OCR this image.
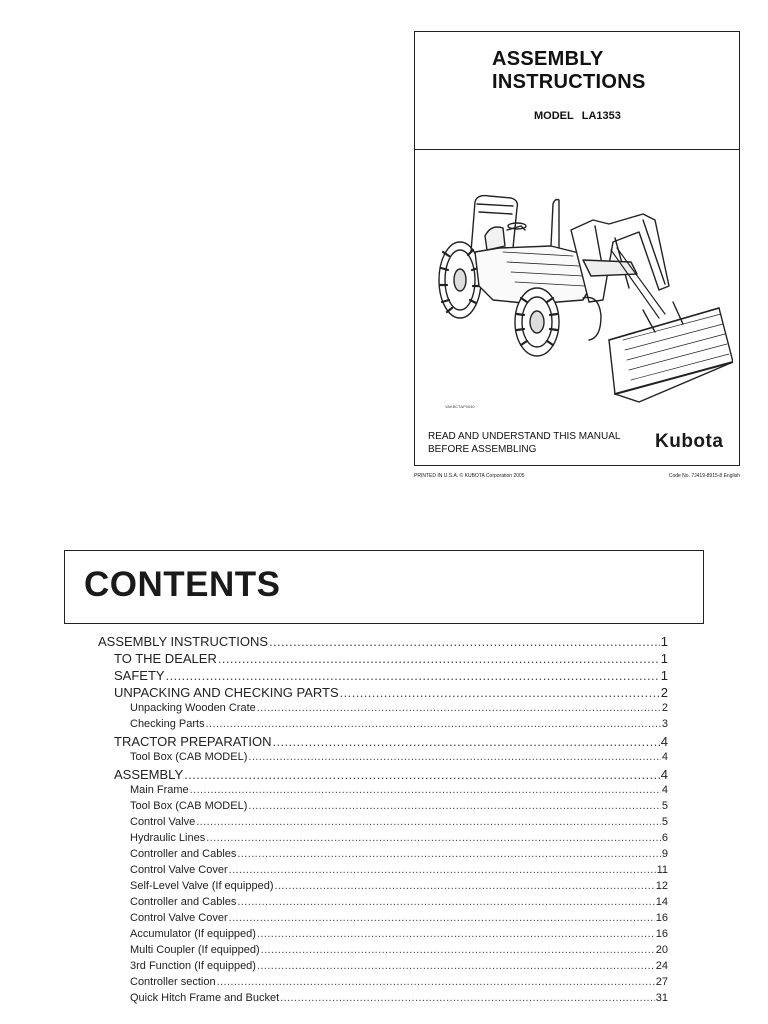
ASSEMBLY
INSTRUCTIONS
MODEL LA1353
VAKBCTAP0040
READ AND UNDERSTAND THIS MANUAL
BEFORE ASSEMBLING	Kubota
PRINTED IN U.S.A. © KUBOTA Corporation 2005	Code No. 7J419-8915-8 English
CONTENTS
ASSEMBLY INSTRUCTIONS .....	1
TO THE DEALER .....	1
SAFETY .....	1
UNPACKING AND CHECKING PARTS .....	2
Unpacking Wooden Crate .....	2
Checking Parts .....	3
TRACTOR PREPARATION .....	4
Tool Box (CAB MODEL) .....	4
ASSEMBLY .....	4
Main Frame .....	4
Tool Box (CAB MODEL) .....	5
Control Valve .....	5
Hydraulic Lines .....	6
Controller and Cables .....	9
Control Valve Cover .....	11
Self-Level Valve (If equipped) .....	12
Controller and Cables .....	14
Control Valve Cover .....	16
Accumulator (If equipped) .....	16
Multi Coupler (If equipped) .....	20
3rd Function (If equipped) .....	24
Controller section .....	27
Quick Hitch Frame and Bucket .....	31
